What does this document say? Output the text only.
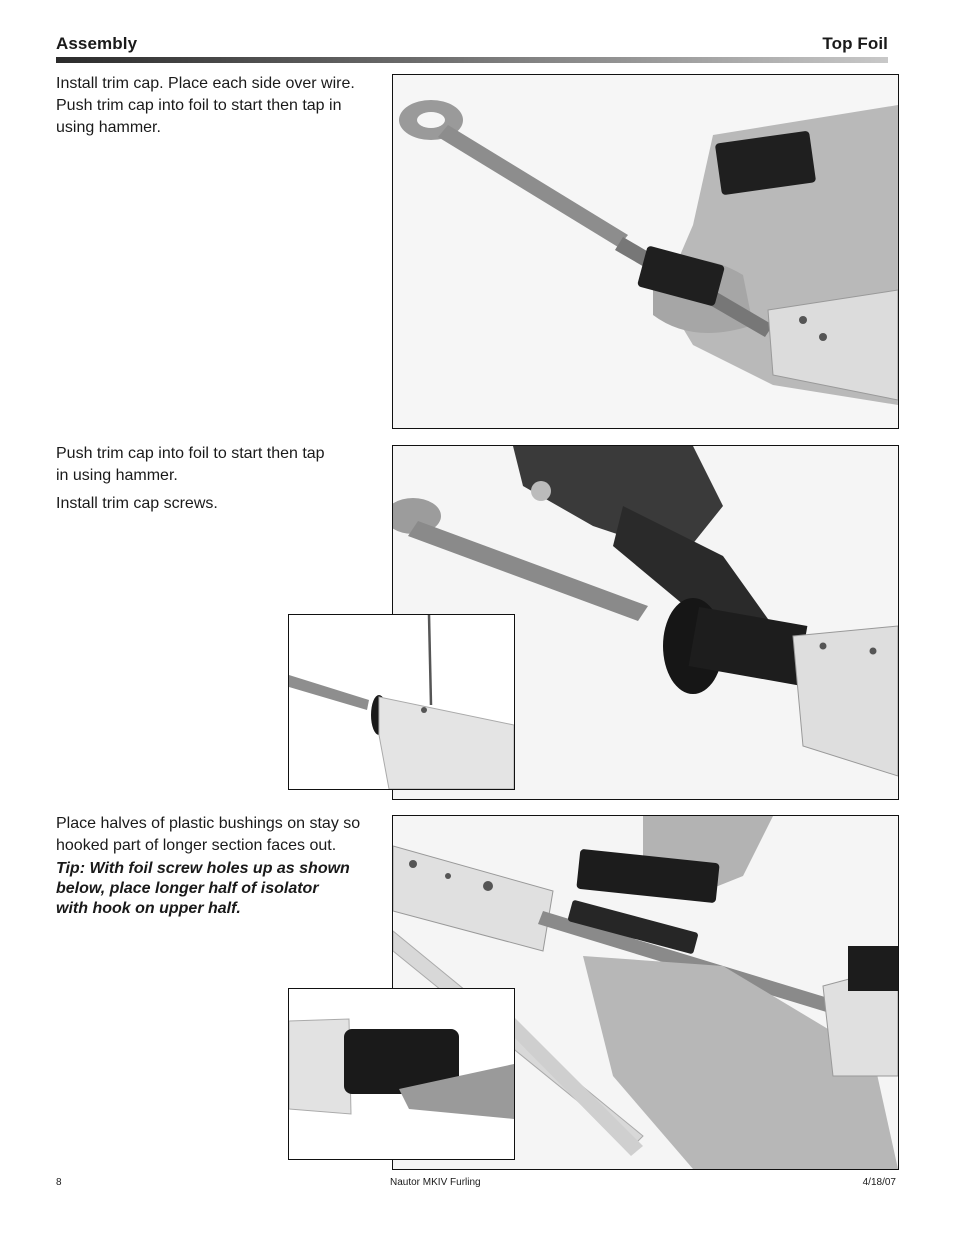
Assembly	Top Foil
Install trim cap. Place each side over wire.
Push trim cap into foil to start then tap in
using hammer.
Push trim cap into foil to start then tap

in using hammer.

Install trim cap screws.
Place halves of plastic bushings on stay so
hooked part of longer section faces out.
Tip: With foil screw holes up as shown
below, place longer half of isolator
with hook on upper half.
8	Nautor MKIV Furling	4/18/07
